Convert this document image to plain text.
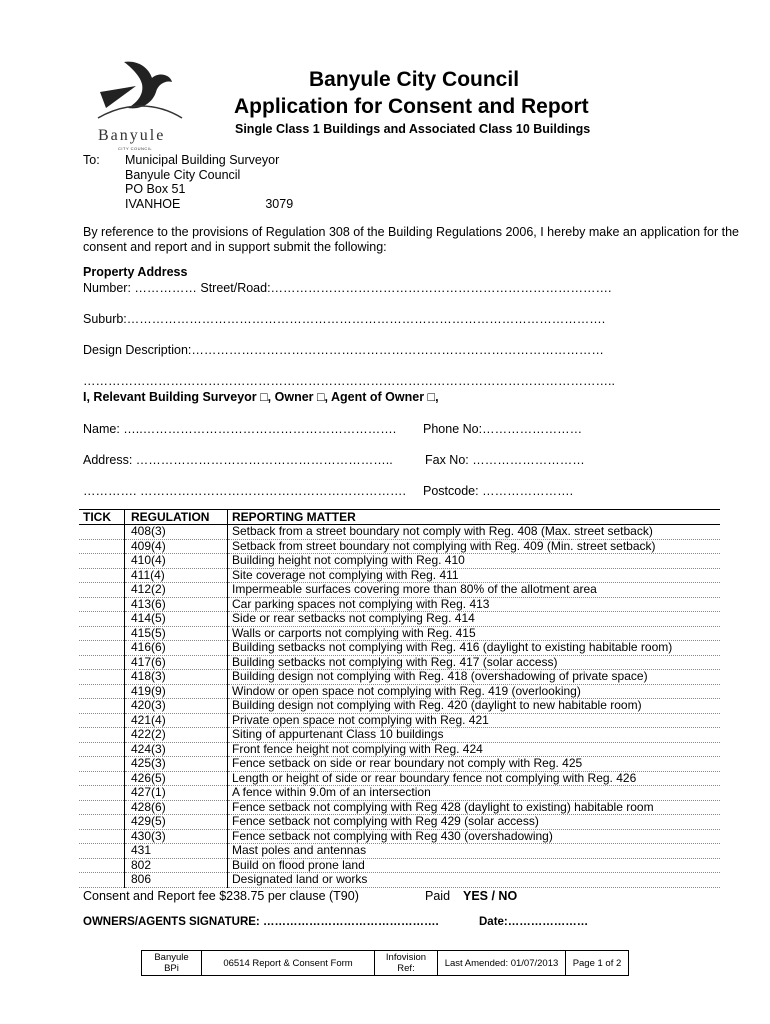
Banyule
CITY COUNCIL
Banyule City Council
Application for Consent and Report
Single Class 1 Buildings and Associated Class 10 Buildings
To: Municipal Building Surveyor
Banyule City Council
PO Box 51
IVANHOE	3079
By reference to the provisions of Regulation 308 of the Building Regulations 2006, I hereby make an application for the
consent and report and in support submit the following:
Property Address
Number: …………… Street/Road:……………………………………………………………………….
Suburb:…………………………………………………………………………………………………….
Design Description:………………………………………………………………………………………
………………………………………………………………………………………………………………..
I, Relevant Building Surveyor □, Owner □, Agent of Owner □,
Name: …..……………………………………………………. Phone No:……………………
Address: ……………………………………………………..	Fax No: ………………………
…………. ………………………………………………………. Postcode: ………………….
TICK	REGULATION	REPORTING MATTER
	408(3)	Setback from a street boundary not comply with Reg. 408 (Max. street setback)
	409(4)	Setback from street boundary not complying with Reg. 409 (Min. street setback)
	410(4)	Building height not complying with Reg. 410
	411(4)	Site coverage not complying with Reg. 411
	412(2)	Impermeable surfaces covering more than 80% of the allotment area
	413(6)	Car parking spaces not complying with Reg. 413
	414(5)	Side or rear setbacks not complying Reg. 414
	415(5)	Walls or carports not complying with Reg. 415
	416(6)	Building setbacks not complying with Reg. 416 (daylight to existing habitable room)
	417(6)	Building setbacks not complying with Reg. 417 (solar access)
	418(3)	Building design not complying with Reg. 418 (overshadowing of private space)
	419(9)	Window or open space not complying with Reg. 419 (overlooking)
	420(3)	Building design not complying with Reg. 420 (daylight to new habitable room)
	421(4)	Private open space not complying with Reg. 421
	422(2)	Siting of appurtenant Class 10 buildings
	424(3)	Front fence height not complying with Reg. 424
	425(3)	Fence setback on side or rear boundary not comply with Reg. 425
	426(5)	Length or height of side or rear boundary fence not complying with Reg. 426
	427(1)	A fence within 9.0m of an intersection
	428(6)	Fence setback not complying with Reg 428 (daylight to existing) habitable room
	429(5)	Fence setback not complying with Reg 429 (solar access)
	430(3)	Fence setback not complying with Reg 430 (overshadowing)
	431	Mast poles and antennas
	802	Build on flood prone land
	806	Designated land or works
Consent and Report fee $238.75 per clause (T90)	Paid YES / NO
OWNERS/AGENTS SIGNATURE: ……………………………………….	Date:…………………
Banyule BPi	06514 Report & Consent Form	Infovision Ref:	Last Amended: 01/07/2013	Page 1 of 2
